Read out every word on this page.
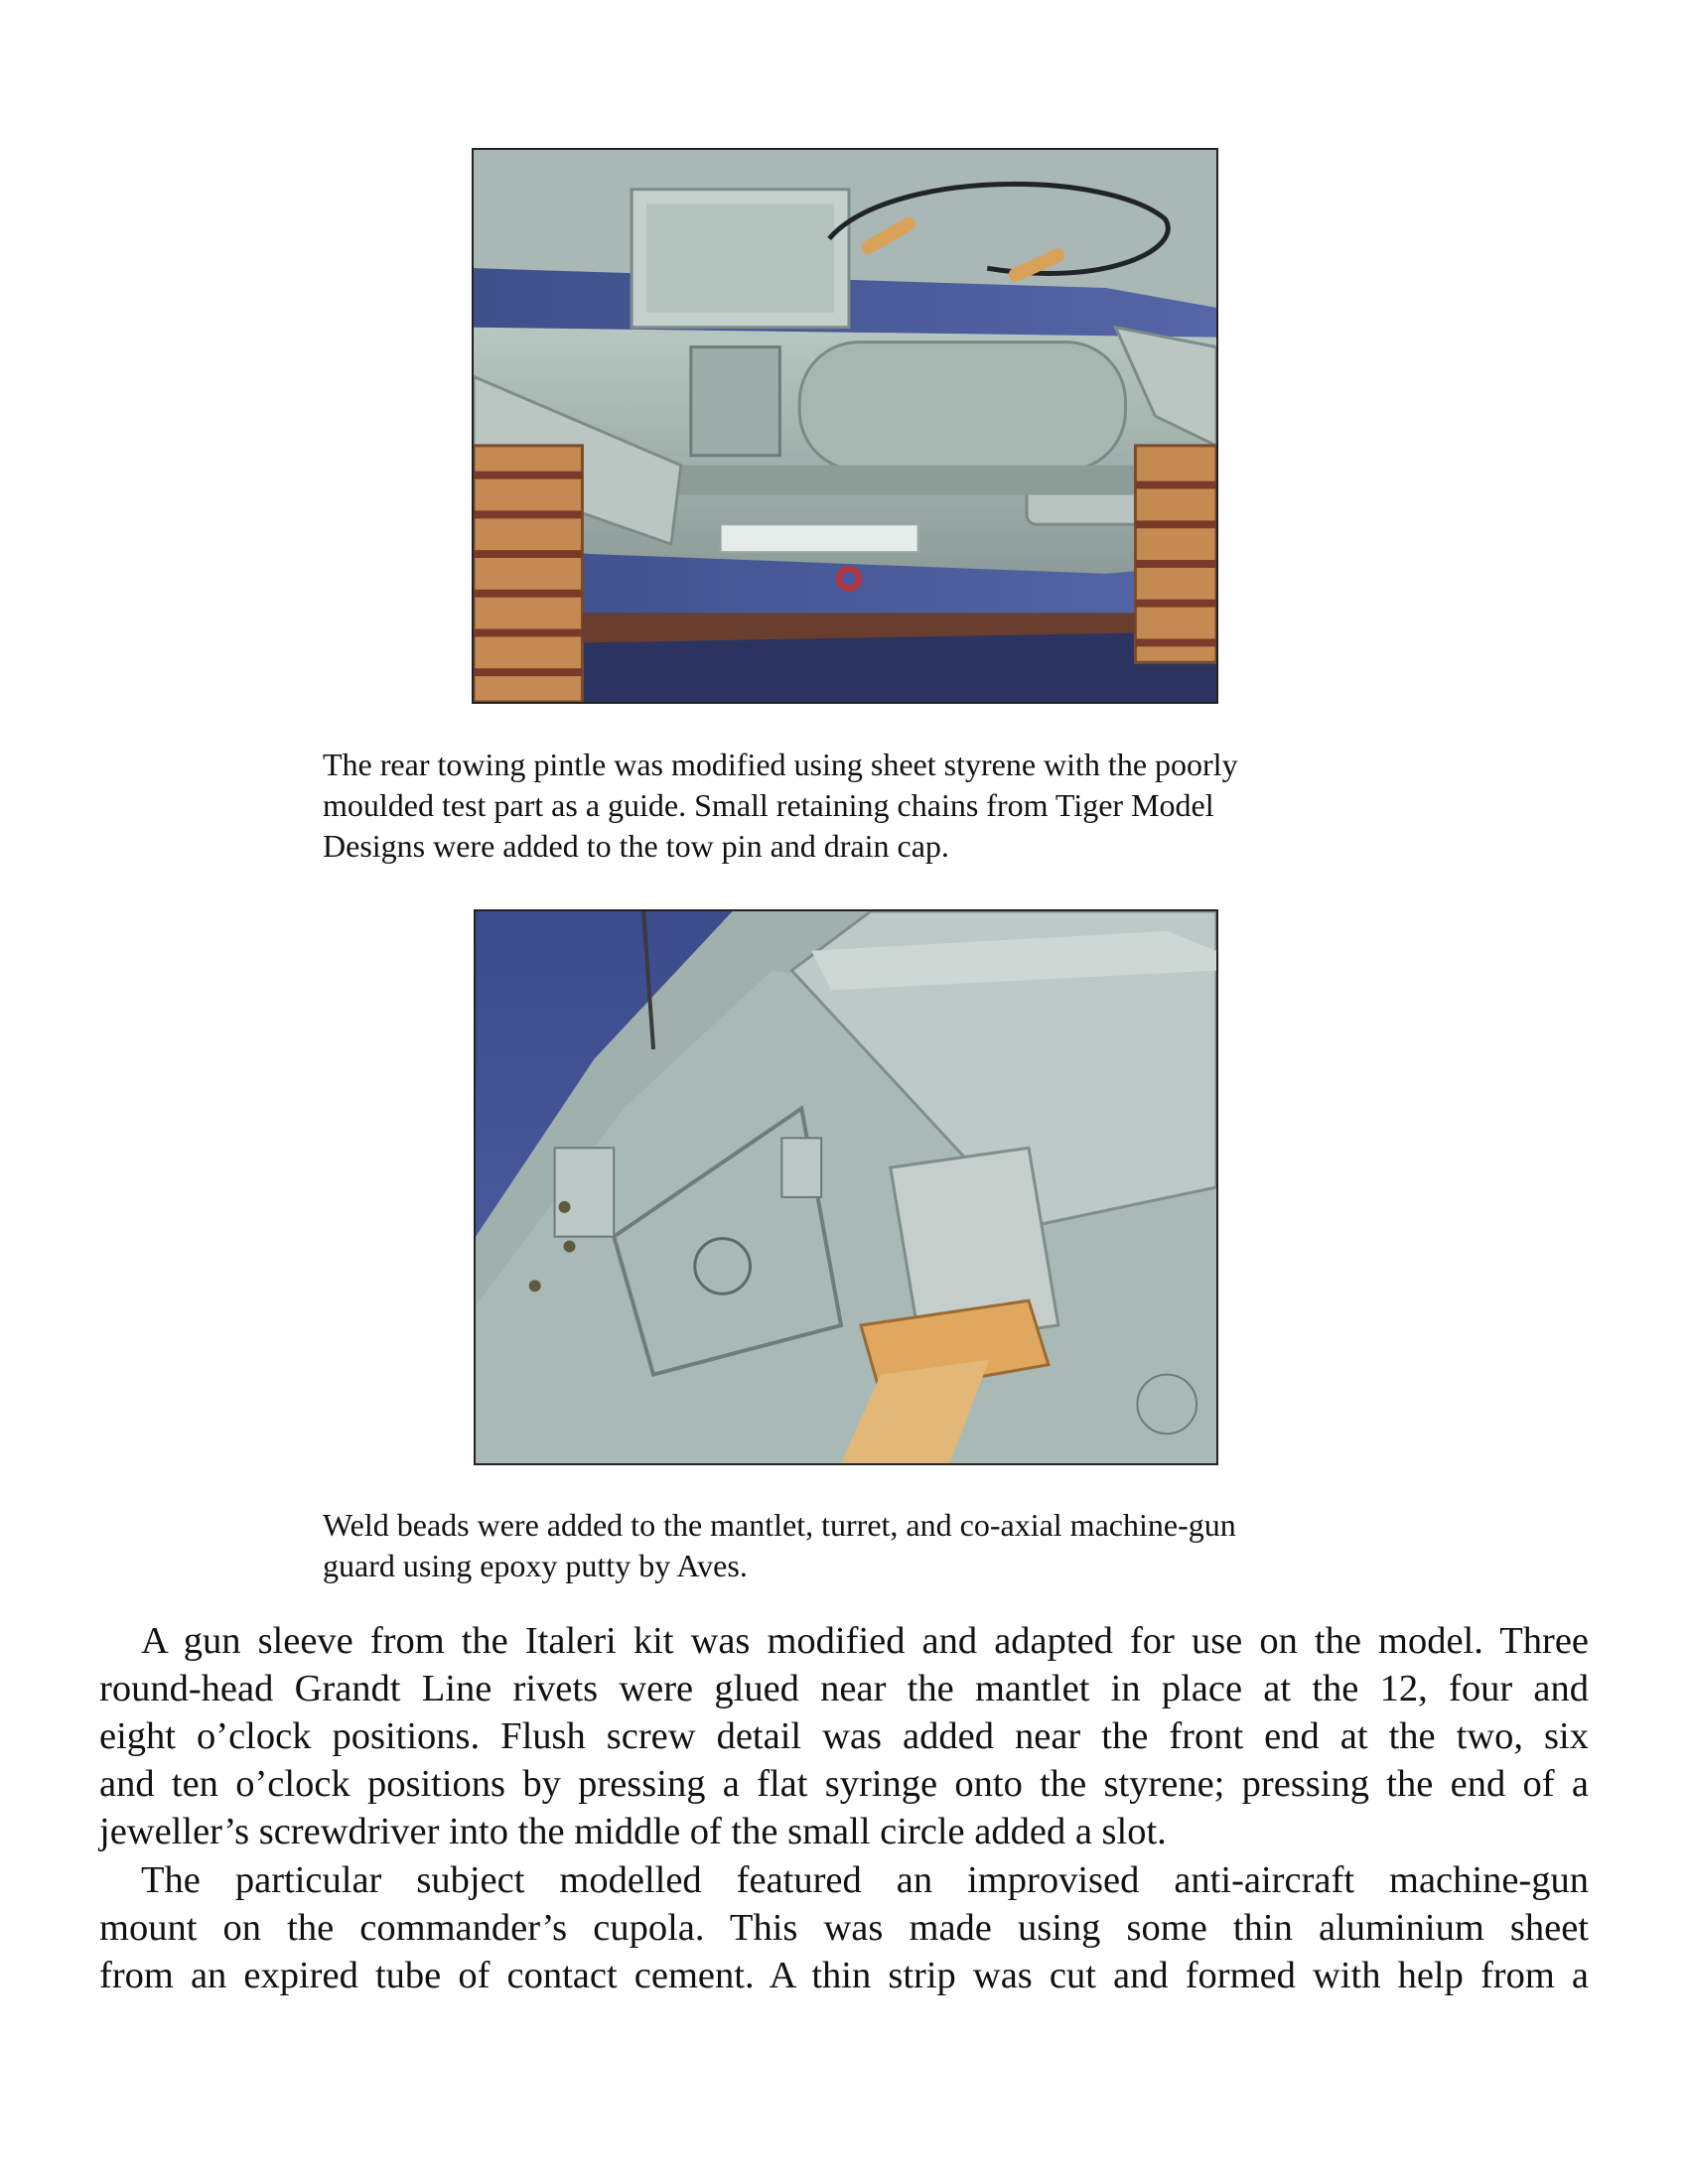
The rear towing pintle was modified using sheet styrene with the poorly

moulded test part as a guide. Small retaining chains from Tiger Model

Designs were added to the tow pin and drain cap.

Weld beads were added to the mantlet, turret, and co-axial machine-gun

guard using epoxy putty by Aves.

A gun sleeve from the Italeri kit was modified and adapted for use on the model. Three
round-head Grandt Line rivets were glued near the mantlet in place at the 12, four and
eight o’clock positions. Flush screw detail was added near the front end at the two, six
and ten o’clock positions by pressing a flat syringe onto the styrene; pressing the end of a
jeweller’s screwdriver into the middle of the small circle added a slot.
The particular subject modelled featured an improvised anti-aircraft machine-gun
mount on the commander’s cupola. This was made using some thin aluminium sheet
from an expired tube of contact cement. A thin strip was cut and formed with help from a
